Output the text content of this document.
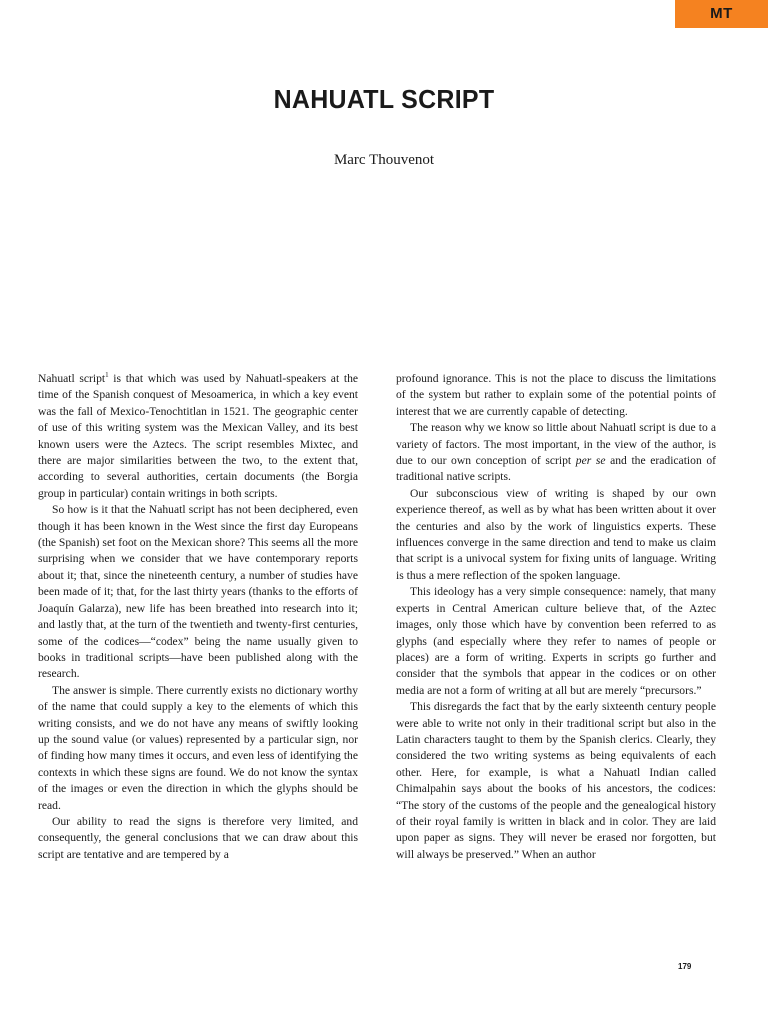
MT
NAHUATL SCRIPT
Marc Thouvenot

Nahuatl script$^1$ is that which was used by Nahuatl-speakers at the time of the Spanish conquest of Mesoamerica, in which a key event was the fall of Mexico-Tenochtitlan in 1521. The geographic center of use of this writing system was the Mexican Valley, and its best known users were the Aztecs. The script resembles Mixtec, and there are major similarities between the two, to the extent that, according to several authorities, certain documents (the Borgia group in particular) contain writings in both scripts.

So how is it that the Nahuatl script has not been deciphered, even though it has been known in the West since the first day Europeans (the Spanish) set foot on the Mexican shore? This seems all the more surprising when we consider that we have contemporary reports about it; that, since the nineteenth century, a number of studies have been made of it; that, for the last thirty years (thanks to the efforts of Joaquín Galarza), new life has been breathed into research into it; and lastly that, at the turn of the twentieth and twenty-first centuries, some of the codices—“codex” being the name usually given to books in traditional scripts—have been published along with the research.

The answer is simple. There currently exists no dictionary worthy of the name that could supply a key to the elements of which this writing consists, and we do not have any means of swiftly looking up the sound value (or values) represented by a particular sign, nor of finding how many times it occurs, and even less of identifying the contexts in which these signs are found. We do not know the syntax of the images or even the direction in which the glyphs should be read.

Our ability to read the signs is therefore very limited, and consequently, the general conclusions that we can draw about this script are tentative and are tempered by a

profound ignorance. This is not the place to discuss the limitations of the system but rather to explain some of the potential points of interest that we are currently capable of detecting.

The reason why we know so little about Nahuatl script is due to a variety of factors. The most important, in the view of the author, is due to our own conception of script per se and the eradication of traditional native scripts.

Our subconscious view of writing is shaped by our own experience thereof, as well as by what has been written about it over the centuries and also by the work of linguistics experts. These influences converge in the same direction and tend to make us claim that script is a univocal system for fixing units of language. Writing is thus a mere reflection of the spoken language.

This ideology has a very simple consequence: namely, that many experts in Central American culture believe that, of the Aztec images, only those which have by convention been referred to as glyphs (and especially where they refer to names of people or places) are a form of writing. Experts in scripts go further and consider that the symbols that appear in the codices or on other media are not a form of writing at all but are merely “precursors.”

This disregards the fact that by the early sixteenth century people were able to write not only in their traditional script but also in the Latin characters taught to them by the Spanish clerics. Clearly, they considered the two writing systems as being equivalents of each other. Here, for example, is what a Nahuatl Indian called Chimalpahin says about the books of his ancestors, the codices: “The story of the customs of the people and the genealogical history of their royal family is written in black and in color. They are laid upon paper as signs. They will never be erased nor forgotten, but will always be preserved.” When an author

179
